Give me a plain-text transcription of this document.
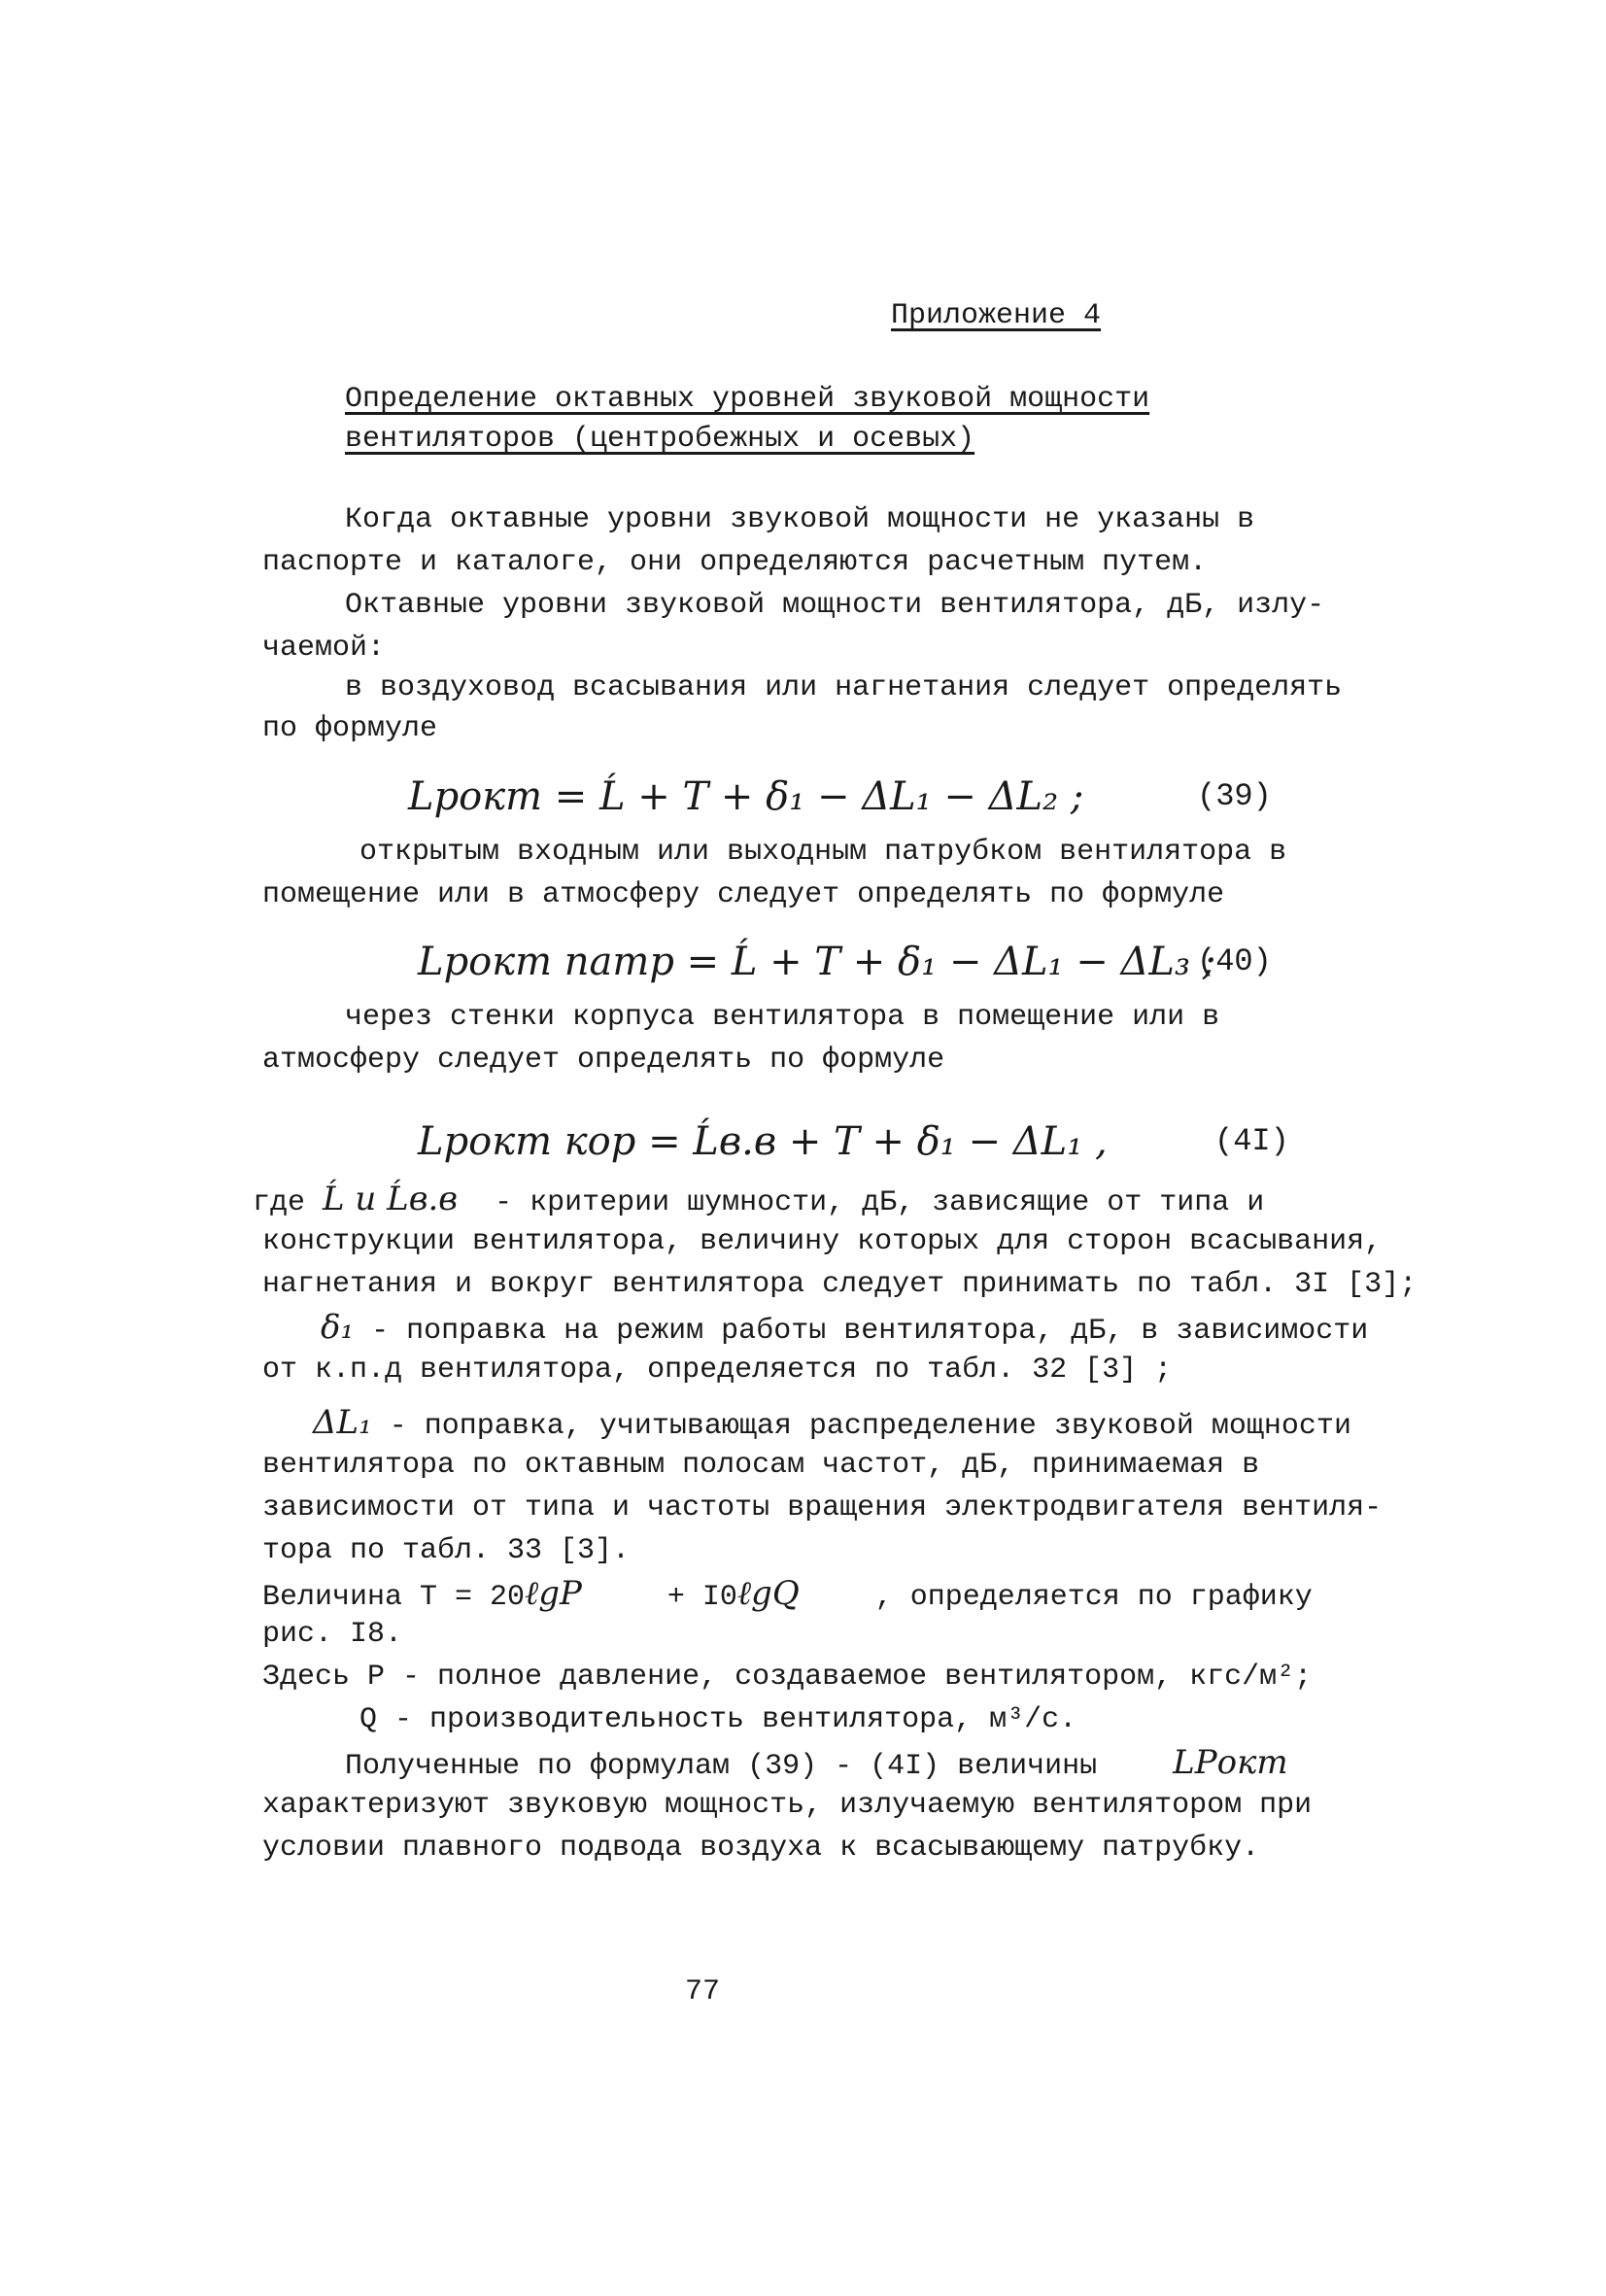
Приложение 4
Определение октавных уровней звуковой мощности
вентиляторов (центробежных и осевых)
Когда октавные уровни звуковой мощности не указаны в
паспорте и каталоге, они определяются расчетным путем.
Октавные уровни звуковой мощности вентилятора, дБ, излу-
чаемой:
в воздуховод всасывания или нагнетания следует определять
по формуле
Lpокт = Ĺ + T + δ₁ − ΔL₁ − ΔL₂ ;	(39)
открытым входным или выходным патрубком вентилятора в
помещение или в атмосферу следует определять по формуле
Lpокт патр = Ĺ + T + δ₁ − ΔL₁ − ΔL₃ ;
(40)
через стенки корпуса вентилятора в помещение или в
атмосферу следует определять по формуле
Lpокт кор = Ĺв.в + T + δ₁ − ΔL₁ ,	(4I)
где Ĺ и Ĺв.в - критерии шумности, дБ, зависящие от типа и
конструкции вентилятора, величину которых для сторон всасывания,
нагнетания и вокруг вентилятора следует принимать по табл. 3I [3];
δ₁ - поправка на режим работы вентилятора, дБ, в зависимости
от к.п.д вентилятора, определяется по табл. 32 [3] ;
ΔL₁ - поправка, учитывающая распределение звуковой мощности
вентилятора по октавным полосам частот, дБ, принимаемая в
зависимости от типа и частоты вращения электродвигателя вентиля-
тора по табл. 33 [3].
Величина Т = 20ℓgP	+ I0ℓgQ	, определяется по графику
рис. I8.
Здесь Р - полное давление, создаваемое вентилятором, кгс/м²;
Q - производительность вентилятора, м³/с.
Полученные по формулам (39) - (4I) величины LРокт
характеризуют звуковую мощность, излучаемую вентилятором при
условии плавного подвода воздуха к всасывающему патрубку.
77
